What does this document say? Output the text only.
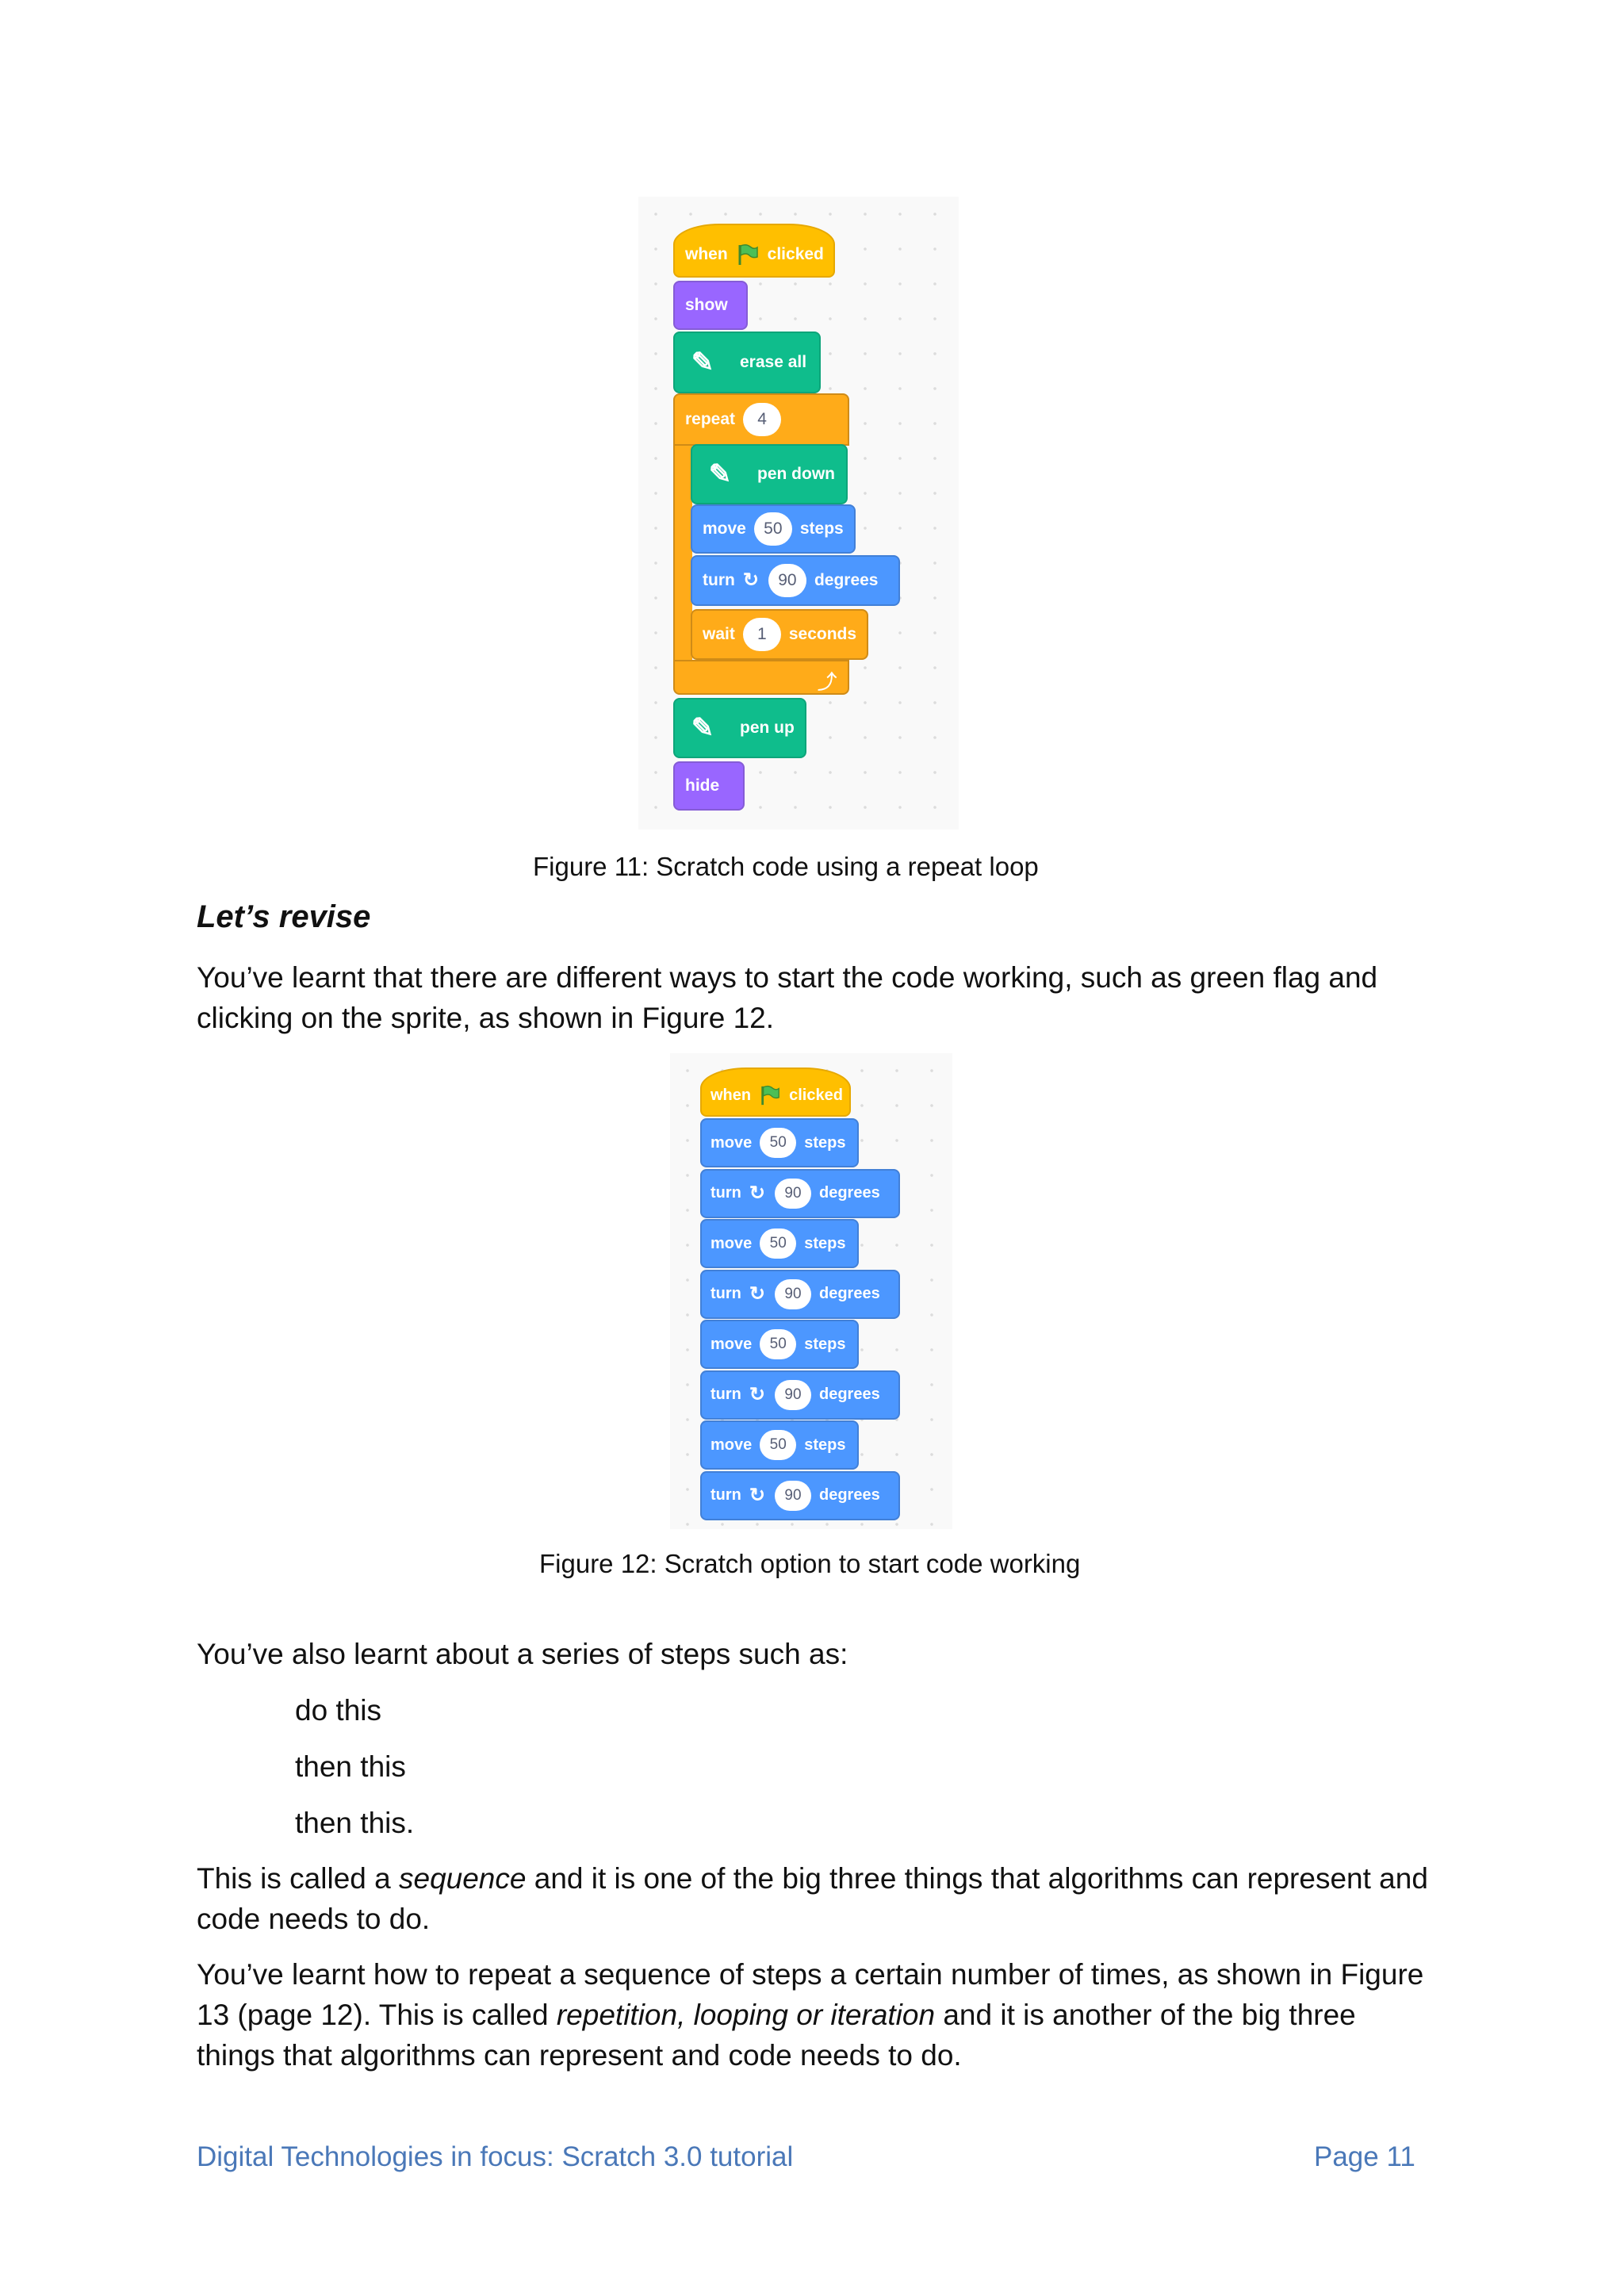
when clicked
show
✎	erase all
repeat	4
⤴
✎	pen down
move	50	steps
turn ↻	90	degrees
wait	1	seconds
✎	pen up
hide
Figure 11: Scratch code using a repeat loop
Let’s revise

You’ve learnt that there are different ways to start the code working, such as green flag and clicking on the sprite, as shown in Figure 12.

when clicked
move	50	steps
turn ↻	90	degrees
move	50	steps
turn ↻	90	degrees
move	50	steps
turn ↻	90	degrees
move	50	steps
turn ↻	90	degrees
Figure 12: Scratch option to start code working
You’ve also learnt about a series of steps such as:
do this
then this
then this.

This is called a sequence and it is one of the big three things that algorithms can represent and code needs to do.

You’ve learnt how to repeat a sequence of steps a certain number of times, as shown in Figure 13 (page 12). This is called repetition, looping or iteration and it is another of the big three things that algorithms can represent and code needs to do.

Digital Technologies in focus: Scratch 3.0 tutorial	Page 11
